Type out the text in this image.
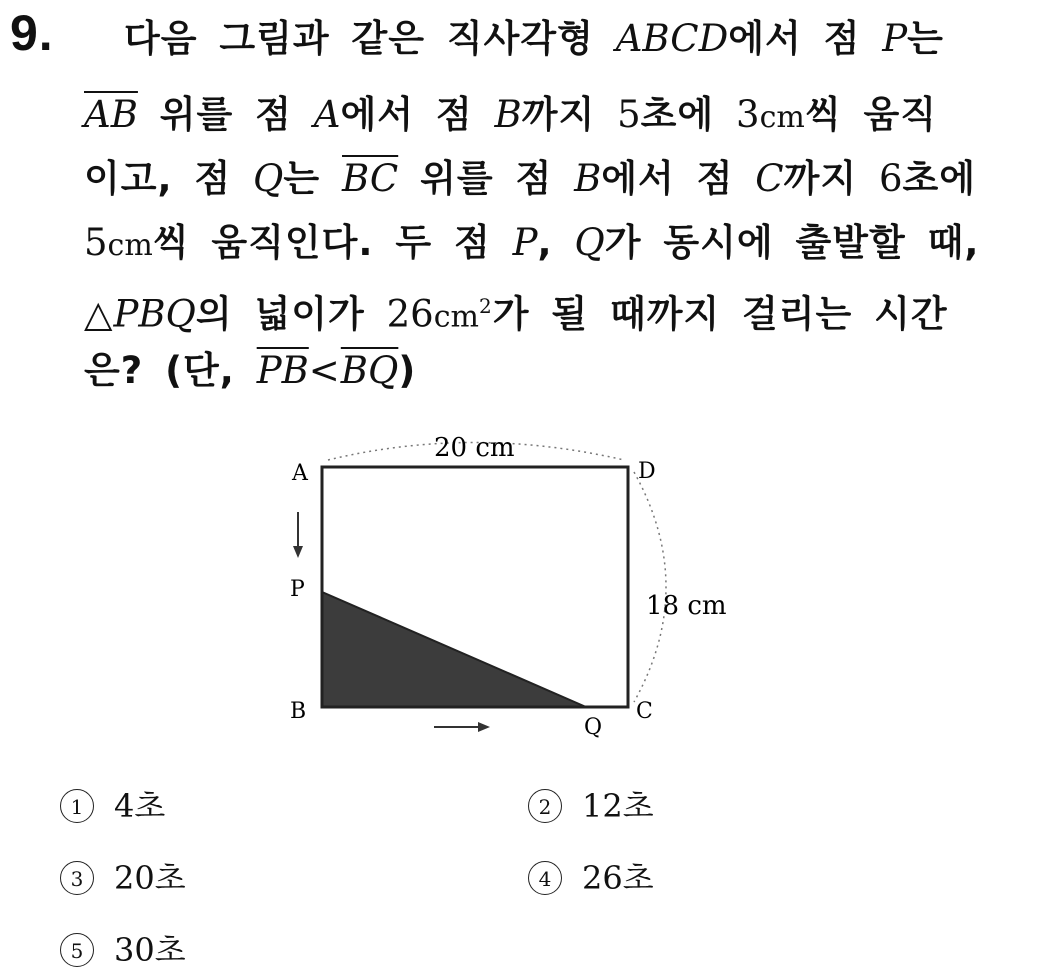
9. 다음 그림과 같은 직사각형 ABCD에서 점 P는
$\overline{AB}$ 위를 점 A에서 점 B까지 5초에 3cm씩 움직
이고, 점 Q는 $\overline{BC}$ 위를 점 B에서 점 C까지 6초에
5cm씩 움직인다. 두 점 P, Q가 동시에 출발할 때,
△PBQ의 넓이가 $26cm^2$가 될 때까지 걸리는 시간
은? (단, $\overline{PB}<\overline{BQ}$)
A	D
P
B
Q
C
20 cm
18 cm
1 4초	2 12초
3 20초	4 26초
5 30초
